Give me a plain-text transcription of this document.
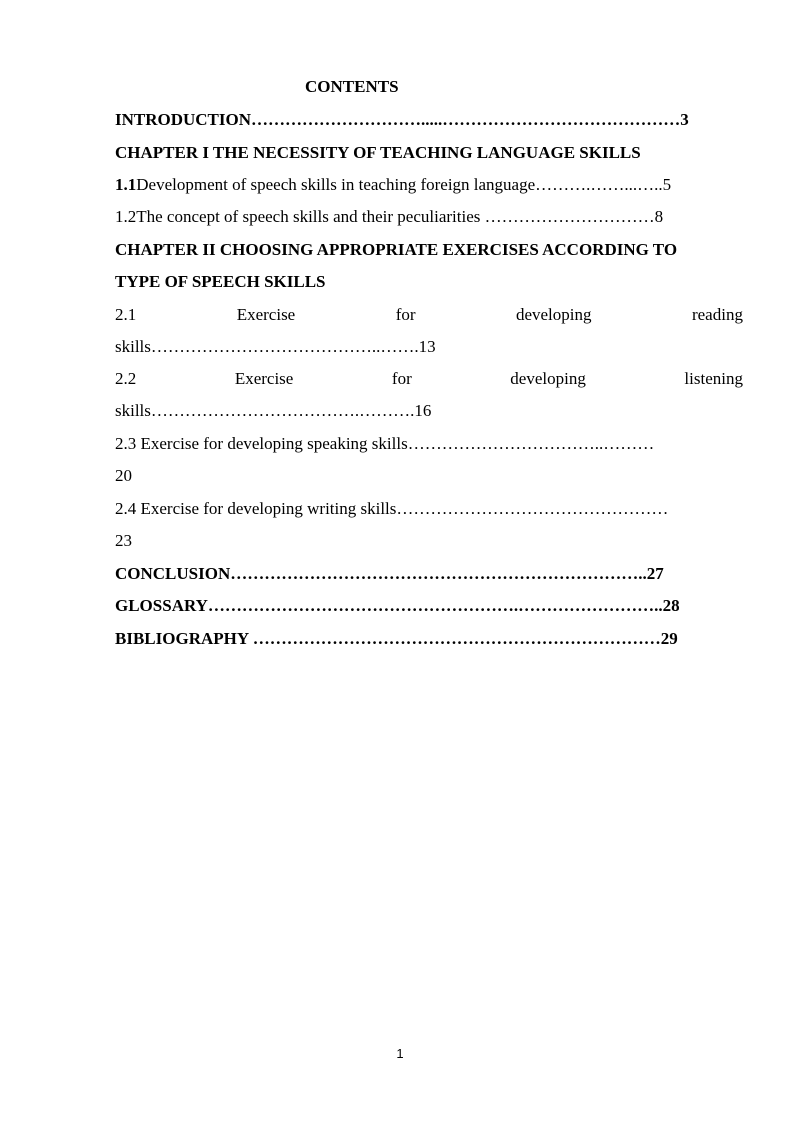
CONTENTS
INTRODUCTION………………………….....……………………………………3
CHAPTER I THE NECESSITY OF TEACHING LANGUAGE SKILLS
1.1Development of speech skills in teaching foreign language……….……...…..5
1.2The concept of speech skills and their peculiarities …………………………8
CHAPTER II CHOOSING APPROPRIATE EXERCISES ACCORDING TO
TYPE OF SPEECH SKILLS
2.1	Exercise	for	developing	reading
skills…………………………………..…….13
2.2	Exercise	for	developing	listening
skills……………………………….……….16
2.3 Exercise for developing speaking skills……………………………..………
20
2.4 Exercise for developing writing skills…………………………………………
23
CONCLUSION………………………………………………………………..27
GLOSSARY……………………………………………….……………………..28
BIBLIOGRAPHY ………………………………………………………………29
1
